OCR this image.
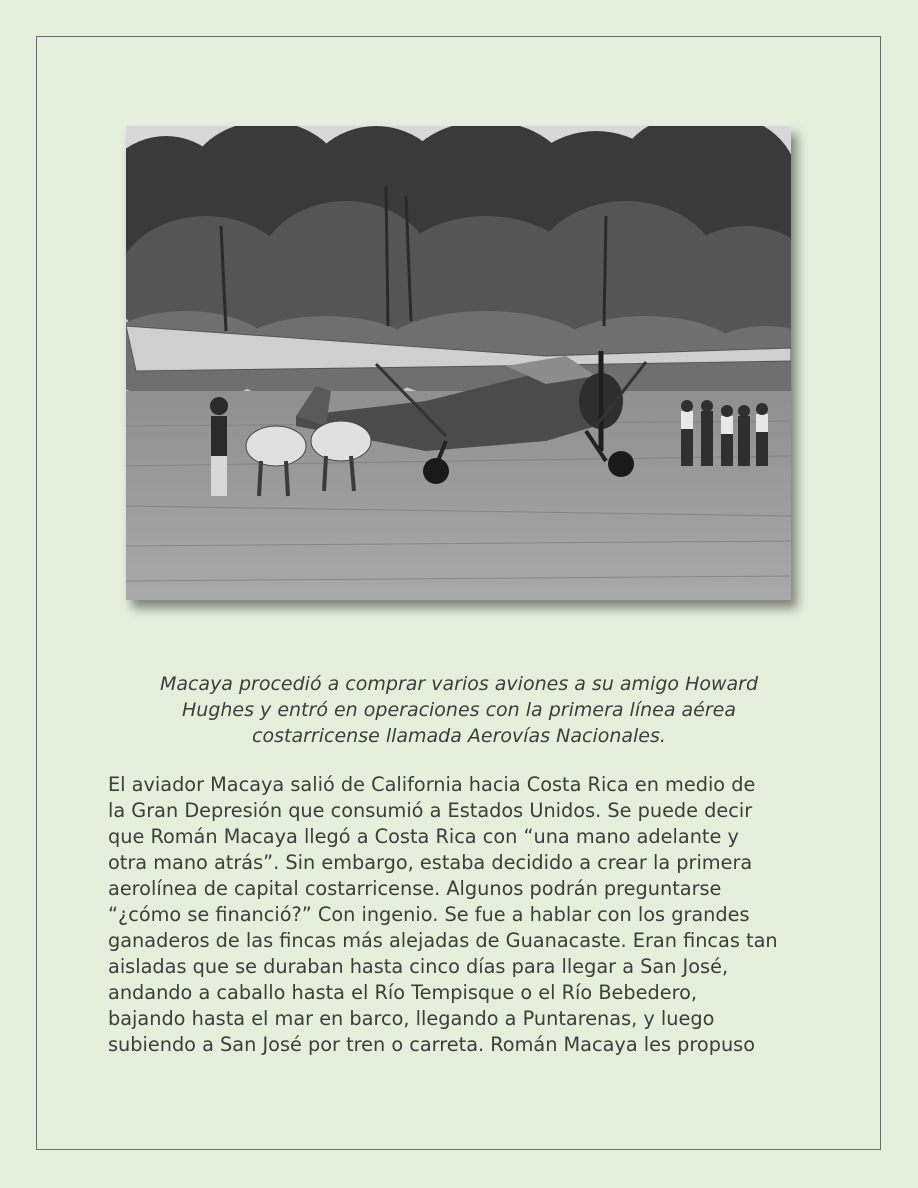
Macaya procedió a comprar varios aviones a su amigo Howard
Hughes y entró en operaciones con la primera línea aérea
costarricense llamada Aerovías Nacionales.
El aviador Macaya salió de California hacia Costa Rica en medio de
la Gran Depresión que consumió a Estados Unidos. Se puede decir
que Román Macaya llegó a Costa Rica con “una mano adelante y
otra mano atrás”. Sin embargo, estaba decidido a crear la primera
aerolínea de capital costarricense. Algunos podrán preguntarse
“¿cómo se financió?” Con ingenio. Se fue a hablar con los grandes
ganaderos de las fincas más alejadas de Guanacaste. Eran fincas tan
aisladas que se duraban hasta cinco días para llegar a San José,
andando a caballo hasta el Río Tempisque o el Río Bebedero,
bajando hasta el mar en barco, llegando a Puntarenas, y luego
subiendo a San José por tren o carreta. Román Macaya les propuso
